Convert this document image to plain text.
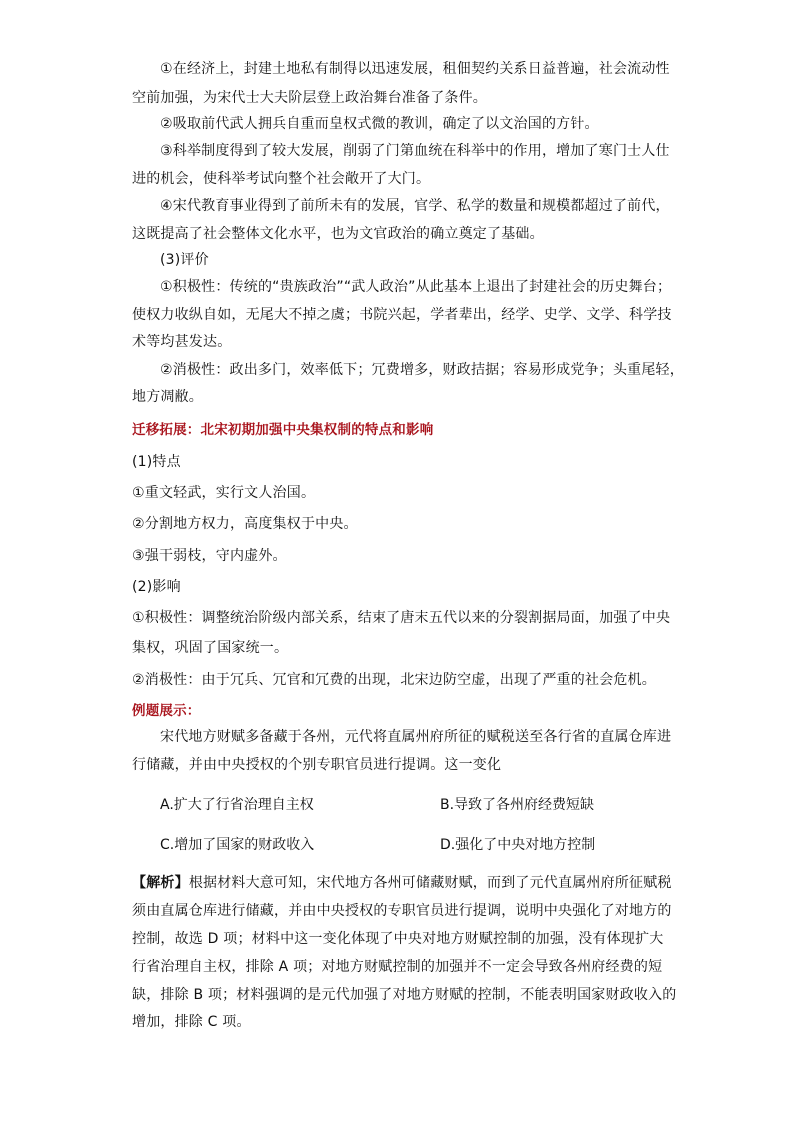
①在经济上，封建土地私有制得以迅速发展，租佃契约关系日益普遍，社会流动性
空前加强，为宋代士大夫阶层登上政治舞台准备了条件。
②吸取前代武人拥兵自重而皇权式微的教训，确定了以文治国的方针。
③科举制度得到了较大发展，削弱了门第血统在科举中的作用，增加了寒门士人仕
进的机会，使科举考试向整个社会敞开了大门。
④宋代教育事业得到了前所未有的发展，官学、私学的数量和规模都超过了前代，
这既提高了社会整体文化水平，也为文官政治的确立奠定了基础。
(3)评价
①积极性：传统的“贵族政治”“武人政治”从此基本上退出了封建社会的历史舞台；
使权力收纵自如，无尾大不掉之虞；书院兴起，学者辈出，经学、史学、文学、科学技
术等均甚发达。
②消极性：政出多门，效率低下；冗费增多，财政拮据；容易形成党争；头重尾轻，
地方凋敝。
迁移拓展：北宋初期加强中央集权制的特点和影响
(1)特点
①重文轻武，实行文人治国。
②分割地方权力，高度集权于中央。
③强干弱枝，守内虚外。
(2)影响
①积极性：调整统治阶级内部关系，结束了唐末五代以来的分裂割据局面，加强了中央
集权，巩固了国家统一。
②消极性：由于冗兵、冗官和冗费的出现，北宋边防空虚，出现了严重的社会危机。
例题展示：
宋代地方财赋多备藏于各州，元代将直属州府所征的赋税送至各行省的直属仓库进
行储藏，并由中央授权的个别专职官员进行提调。这一变化
A.扩大了行省治理自主权	B.导致了各州府经费短缺
C.增加了国家的财政收入	D.强化了中央对地方控制
【解析】根据材料大意可知，宋代地方各州可储藏财赋，而到了元代直属州府所征赋税
须由直属仓库进行储藏，并由中央授权的专职官员进行提调，说明中央强化了对地方的
控制，故选 D 项；材料中这一变化体现了中央对地方财赋控制的加强，没有体现扩大
行省治理自主权，排除 A 项；对地方财赋控制的加强并不一定会导致各州府经费的短
缺，排除 B 项；材料强调的是元代加强了对地方财赋的控制，不能表明国家财政收入的
增加，排除 C 项。
